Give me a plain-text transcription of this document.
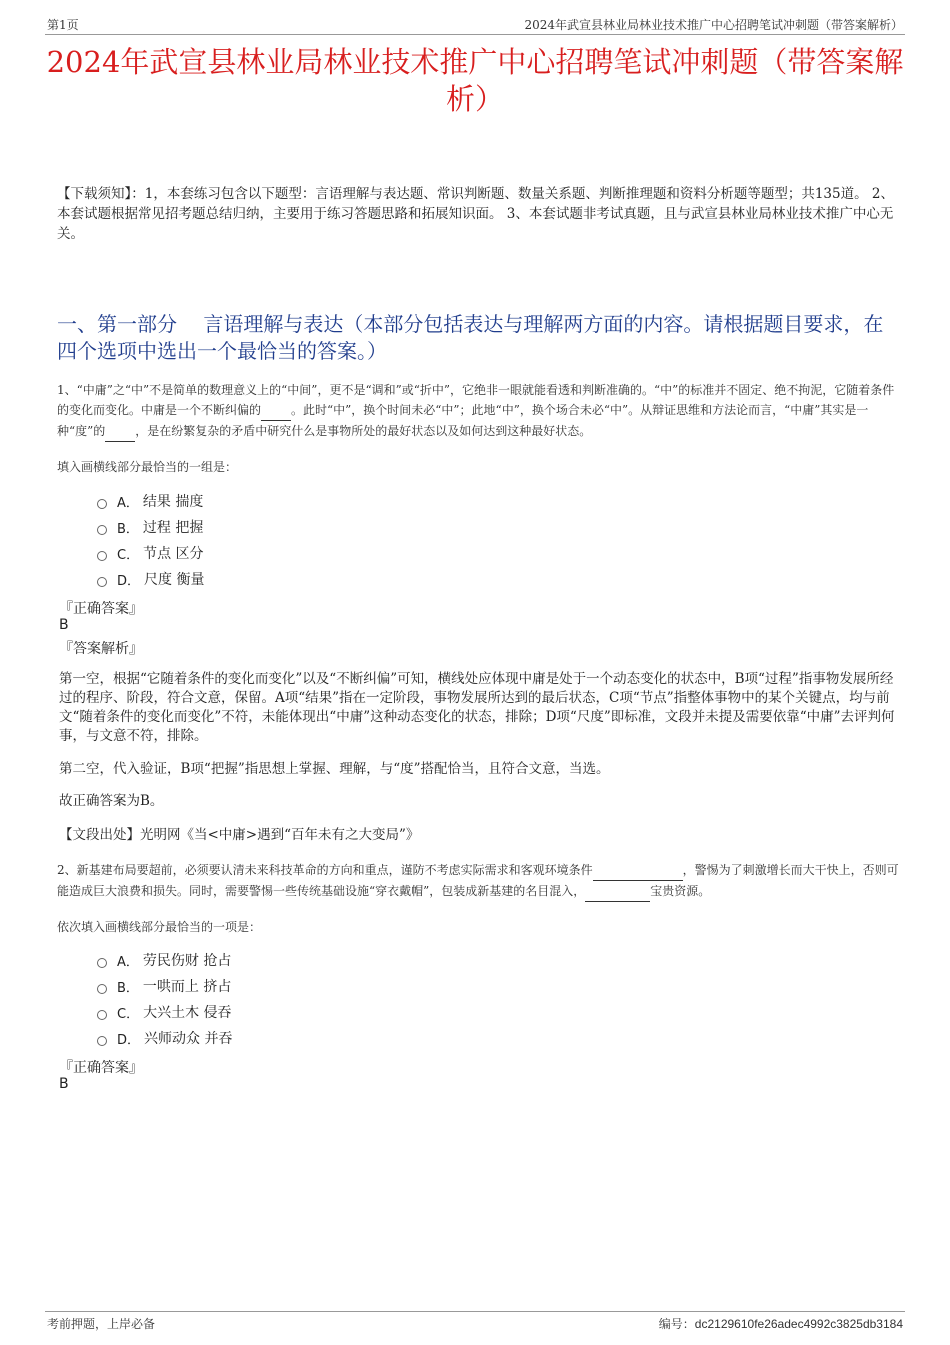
第1页	2024年武宣县林业局林业技术推广中心招聘笔试冲刺题（带答案解析）
2024年武宣县林业局林业技术推广中心招聘笔试冲刺题（带答案解析）
【下载须知】：1，本套练习包含以下题型：言语理解与表达题、常识判断题、数量关系题、判断推理题和资料分析题等题型；共135道。 2、本套试题根据常见招考题总结归纳，主要用于练习答题思路和拓展知识面。 3、本套试题非考试真题，且与武宣县林业局林业技术推广中心无关。
一、第一部分　 言语理解与表达（本部分包括表达与理解两方面的内容。请根据题目要求，在四个选项中选出一个最恰当的答案。）
1、“中庸”之“中”不是简单的数理意义上的“中间”，更不是“调和”或“折中”，它绝非一眼就能看透和判断准确的。“中”的标准并不固定、绝不拘泥，它随着条件的变化而变化。中庸是一个不断纠偏的	。此时“中”，换个时间未必“中”；此地“中”，换个场合未必“中”。从辩证思维和方法论而言，“中庸”其实是一种“度”的	，是在纷繁复杂的矛盾中研究什么是事物所处的最好状态以及如何达到这种最好状态。
填入画横线部分最恰当的一组是：
A． 结果 揣度
B． 过程 把握
C． 节点 区分
D． 尺度 衡量
『正确答案』
B
『答案解析』
第一空，根据“它随着条件的变化而变化”以及“不断纠偏”可知，横线处应体现中庸是处于一个动态变化的状态中，B项“过程”指事物发展所经过的程序、阶段，符合文意，保留。A项“结果”指在一定阶段，事物发展所达到的最后状态，C项“节点”指整体事物中的某个关键点，均与前文“随着条件的变化而变化”不符，未能体现出“中庸”这种动态变化的状态，排除；D项“尺度”即标准，文段并未提及需要依靠“中庸”去评判何事，与文意不符，排除。
第二空，代入验证，B项“把握”指思想上掌握、理解，与“度”搭配恰当，且符合文意，当选。
故正确答案为B。
【文段出处】光明网《当<中庸>遇到“百年未有之大变局”》
2、新基建布局要超前，必须要认清未来科技革命的方向和重点，谨防不考虑实际需求和客观环境条件	，警惕为了刺激增长而大干快上，否则可能造成巨大浪费和损失。同时，需要警惕一些传统基础设施“穿衣戴帽”，包装成新基建的名目混入，	宝贵资源。
依次填入画横线部分最恰当的一项是：
A． 劳民伤财 抢占
B． 一哄而上 挤占
C． 大兴土木 侵吞
D． 兴师动众 并吞
『正确答案』
B
考前押题，上岸必备	编号：dc2129610fe26adec4992c3825db3184
